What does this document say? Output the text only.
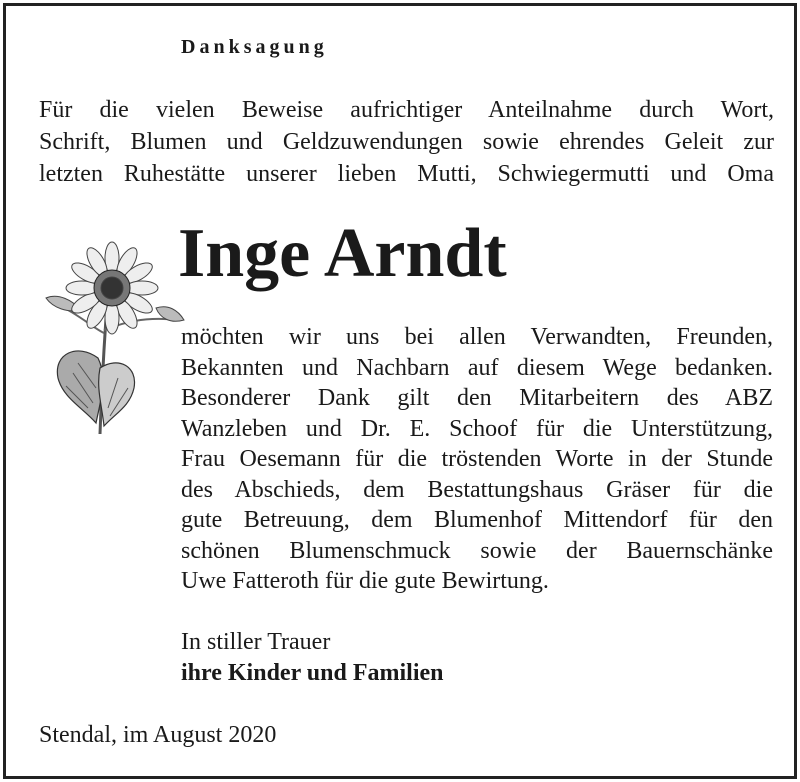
Danksagung
Für die vielen Beweise aufrichtiger Anteilnahme durch Wort,
Schrift, Blumen und Geldzuwendungen sowie ehrendes Geleit zur
letzten Ruhestätte unserer lieben Mutti, Schwiegermutti und Oma
Inge Arndt
möchten wir uns bei allen Verwandten, Freunden,
Bekannten und Nachbarn auf diesem Wege bedanken.
Besonderer Dank gilt den Mitarbeitern des ABZ
Wanzleben und Dr. E. Schoof für die Unterstützung,
Frau Oesemann für die tröstenden Worte in der Stunde
des Abschieds, dem Bestattungshaus Gräser für die
gute Betreuung, dem Blumenhof Mittendorf für den
schönen Blumenschmuck sowie der Bauernschänke
Uwe Fatteroth für die gute Bewirtung.
In stiller Trauer
ihre Kinder und Familien
Stendal, im August 2020
